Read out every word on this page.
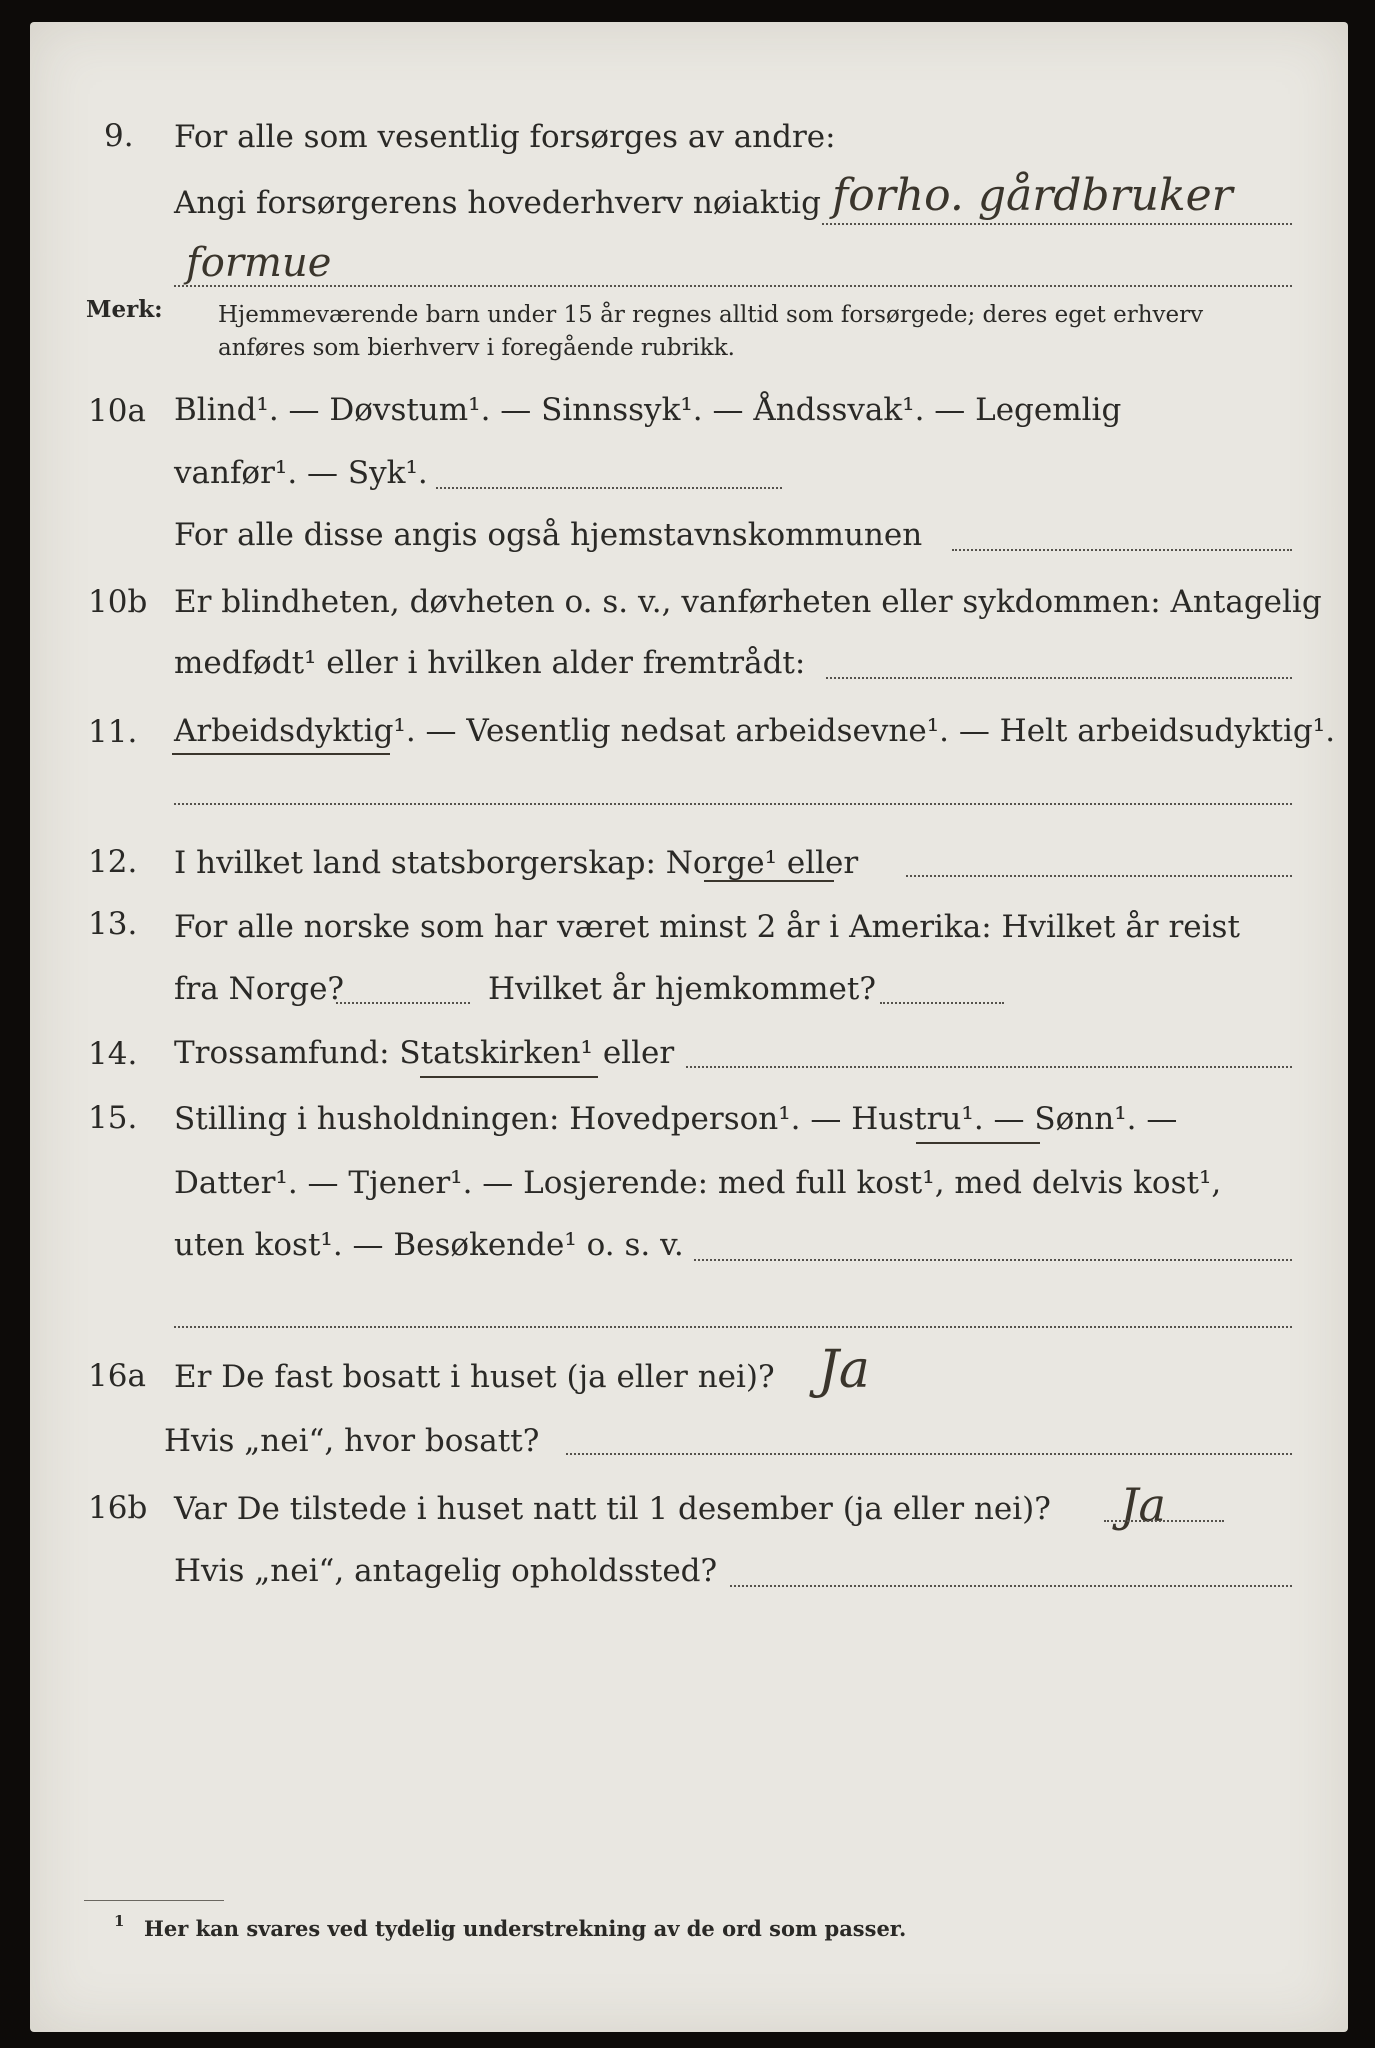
9. For alle som vesentlig forsørges av andre:
Angi forsørgerens hovederhverv nøiaktig forho. gårdbruker
formue
Merk: Hjemmeværende barn under 15 år regnes alltid som forsørgede; deres eget erhverv
anføres som bierhverv i foregående rubrikk.
10a Blind¹. — Døvstum¹. — Sinnssyk¹. — Åndssvak¹. — Legemlig
vanfør¹. — Syk¹.
For alle disse angis også hjemstavnskommunen
10b Er blindheten, døvheten o. s. v., vanførheten eller sykdommen: Antagelig
medfødt¹ eller i hvilken alder fremtrådt:
11. Arbeidsdyktig¹. — Vesentlig nedsat arbeidsevne¹. — Helt arbeidsudyktig¹.
12. I hvilket land statsborgerskap: Norge¹ eller
13. For alle norske som har været minst 2 år i Amerika: Hvilket år reist
fra Norge?	Hvilket år hjemkommet?
14. Trossamfund: Statskirken¹ eller
15. Stilling i husholdningen: Hovedperson¹. — Hustru¹. — Sønn¹. —
Datter¹. — Tjener¹. — Losjerende: med full kost¹, med delvis kost¹,
uten kost¹. — Besøkende¹ o. s. v.
16a Er De fast bosatt i huset (ja eller nei)? Ja
Hvis „nei“, hvor bosatt?
16b Var De tilstede i huset natt til 1 desember (ja eller nei)? Ja
Hvis „nei“, antagelig opholdssted?
1 Her kan svares ved tydelig understrekning av de ord som passer.
